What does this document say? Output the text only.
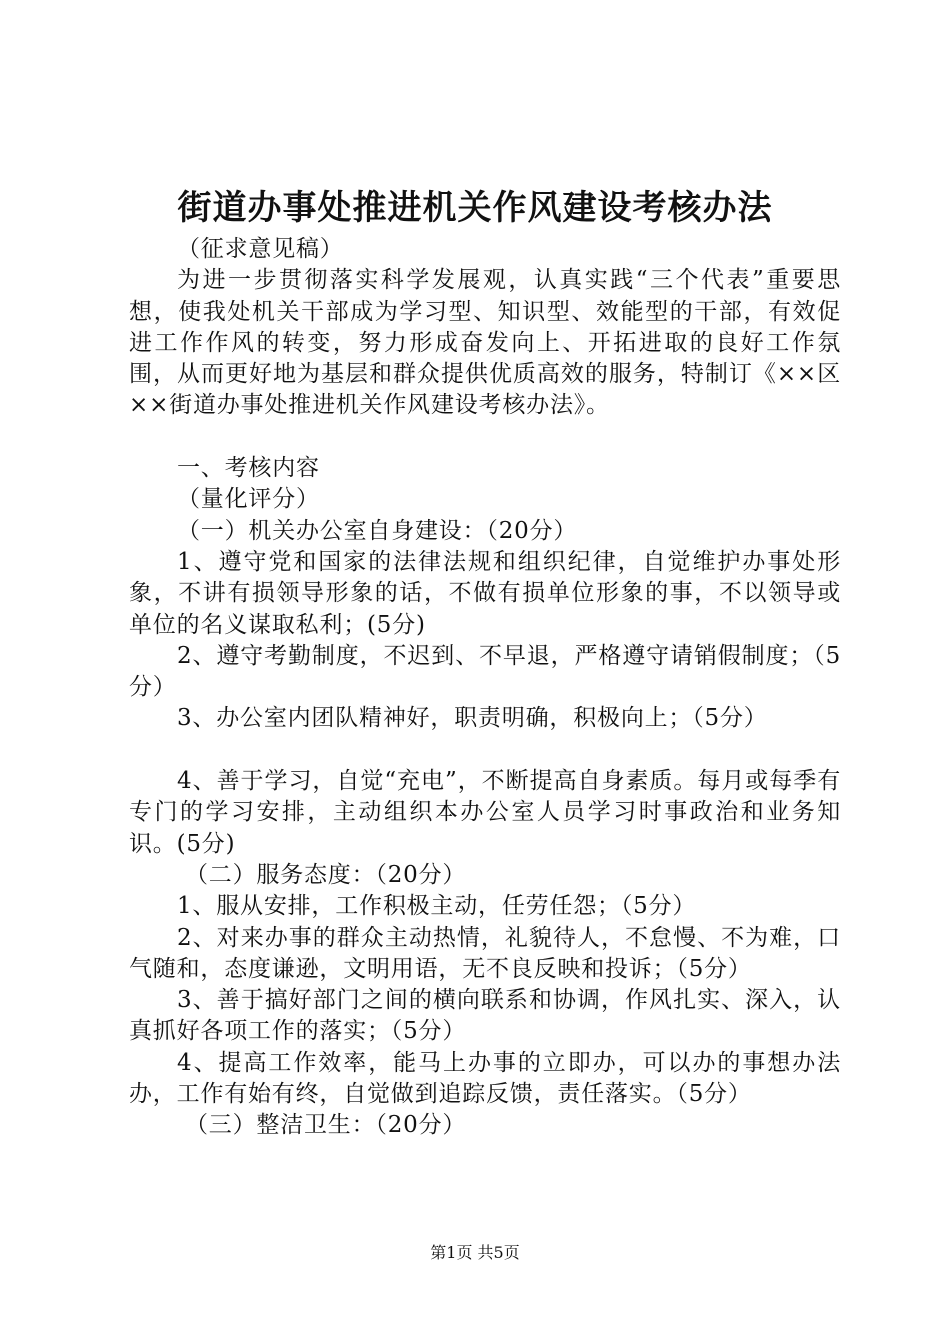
街道办事处推进机关作风建设考核办法

（征求意见稿）

为进一步贯彻落实科学发展观，认真实践“三个代表”重要思想，使我处机关干部成为学习型、知识型、效能型的干部，有效促进工作作风的转变，努力形成奋发向上、开拓进取的良好工作氛围，从而更好地为基层和群众提供优质高效的服务，特制订《××区××街道办事处推进机关作风建设考核办法》。

一、考核内容

（量化评分）

（一）机关办公室自身建设：（20分）

1、遵守党和国家的法律法规和组织纪律，自觉维护办事处形象，不讲有损领导形象的话，不做有损单位形象的事，不以领导或单位的名义谋取私利；(5分)

2、遵守考勤制度，不迟到、不早退，严格遵守请销假制度；（5分）

3、办公室内团队精神好，职责明确，积极向上；（5分）

4、善于学习，自觉“充电”，不断提高自身素质。每月或每季有专门的学习安排，主动组织本办公室人员学习时事政治和业务知识。(5分)

（二）服务态度：（20分）

1、服从安排，工作积极主动，任劳任怨；（5分）

2、对来办事的群众主动热情，礼貌待人，不怠慢、不为难，口气随和，态度谦逊，文明用语，无不良反映和投诉；（5分）

3、善于搞好部门之间的横向联系和协调，作风扎实、深入，认真抓好各项工作的落实；（5分）

4、提高工作效率，能马上办事的立即办，可以办的事想办法办，工作有始有终，自觉做到追踪反馈，责任落实。（5分）

（三）整洁卫生：（20分）

第1页 共5页
